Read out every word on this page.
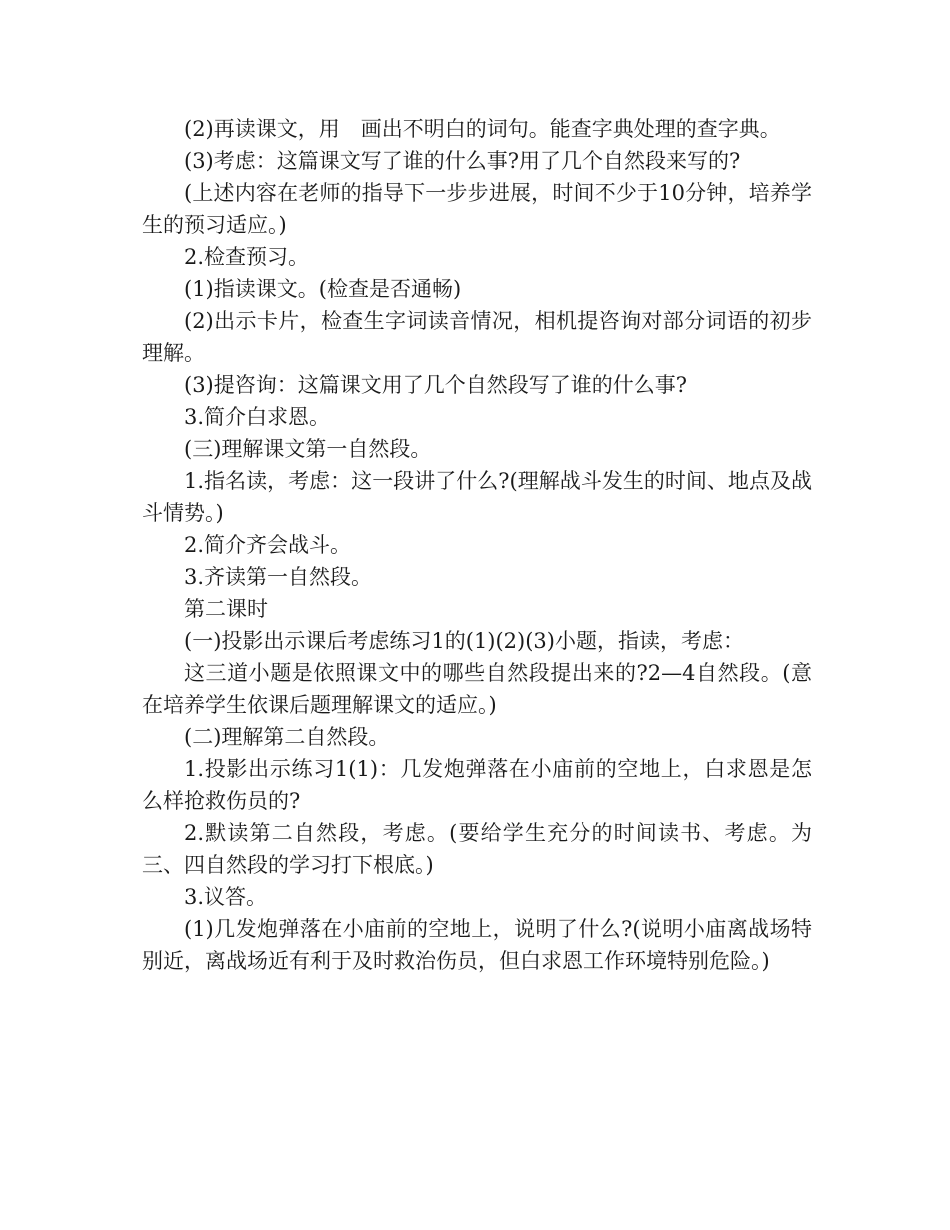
(2)再读课文，用　画出不明白的词句。能查字典处理的查字典。

(3)考虑：这篇课文写了谁的什么事?用了几个自然段来写的?

(上述内容在老师的指导下一步步进展，时间不少于10分钟，培养学生的预习适应。)

2.检查预习。

(1)指读课文。(检查是否通畅)

(2)出示卡片，检查生字词读音情况，相机提咨询对部分词语的初步理解。

(3)提咨询：这篇课文用了几个自然段写了谁的什么事?

3.简介白求恩。

(三)理解课文第一自然段。

1.指名读，考虑：这一段讲了什么?(理解战斗发生的时间、地点及战斗情势。)

2.简介齐会战斗。

3.齐读第一自然段。

第二课时

(一)投影出示课后考虑练习1的(1)(2)(3)小题，指读，考虑：

这三道小题是依照课文中的哪些自然段提出来的?2—4自然段。(意在培养学生依课后题理解课文的适应。)

(二)理解第二自然段。

1.投影出示练习1(1)：几发炮弹落在小庙前的空地上，白求恩是怎么样抢救伤员的?

2.默读第二自然段，考虑。(要给学生充分的时间读书、考虑。为三、四自然段的学习打下根底。)

3.议答。

(1)几发炮弹落在小庙前的空地上，说明了什么?(说明小庙离战场特别近，离战场近有利于及时救治伤员，但白求恩工作环境特别危险。)
